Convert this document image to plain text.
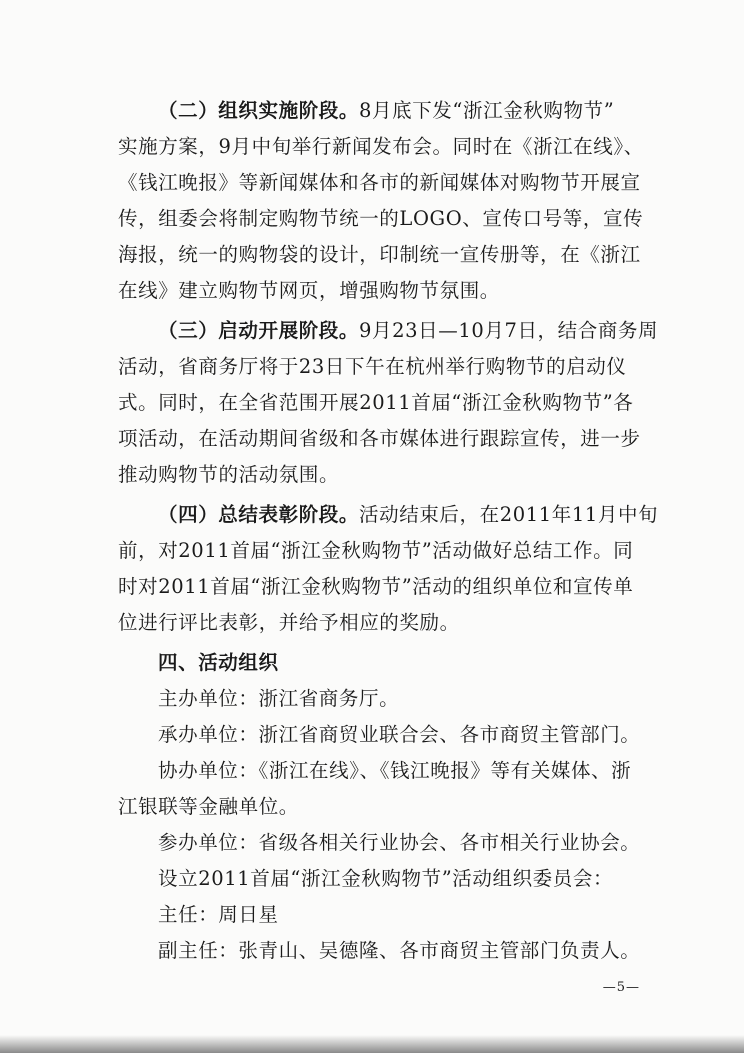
（二）组织实施阶段。8月底下发“浙江金秋购物节”
实施方案，9月中旬举行新闻发布会。同时在《浙江在线》、
《钱江晚报》等新闻媒体和各市的新闻媒体对购物节开展宣
传，组委会将制定购物节统一的LOGO、宣传口号等，宣传
海报，统一的购物袋的设计，印制统一宣传册等，在《浙江
在线》建立购物节网页，增强购物节氛围。
（三）启动开展阶段。9月23日—10月7日，结合商务周
活动，省商务厅将于23日下午在杭州举行购物节的启动仪
式。同时，在全省范围开展2011首届“浙江金秋购物节”各
项活动，在活动期间省级和各市媒体进行跟踪宣传，进一步
推动购物节的活动氛围。
（四）总结表彰阶段。活动结束后，在2011年11月中旬
前，对2011首届“浙江金秋购物节”活动做好总结工作。同
时对2011首届“浙江金秋购物节”活动的组织单位和宣传单
位进行评比表彰，并给予相应的奖励。
四、活动组织
主办单位：浙江省商务厅。
承办单位：浙江省商贸业联合会、各市商贸主管部门。
协办单位：《浙江在线》、《钱江晚报》等有关媒体、浙
江银联等金融单位。
参办单位：省级各相关行业协会、各市相关行业协会。
设立2011首届“浙江金秋购物节”活动组织委员会：
主任：周日星
副主任：张青山、吴德隆、各市商贸主管部门负责人。
—5—
